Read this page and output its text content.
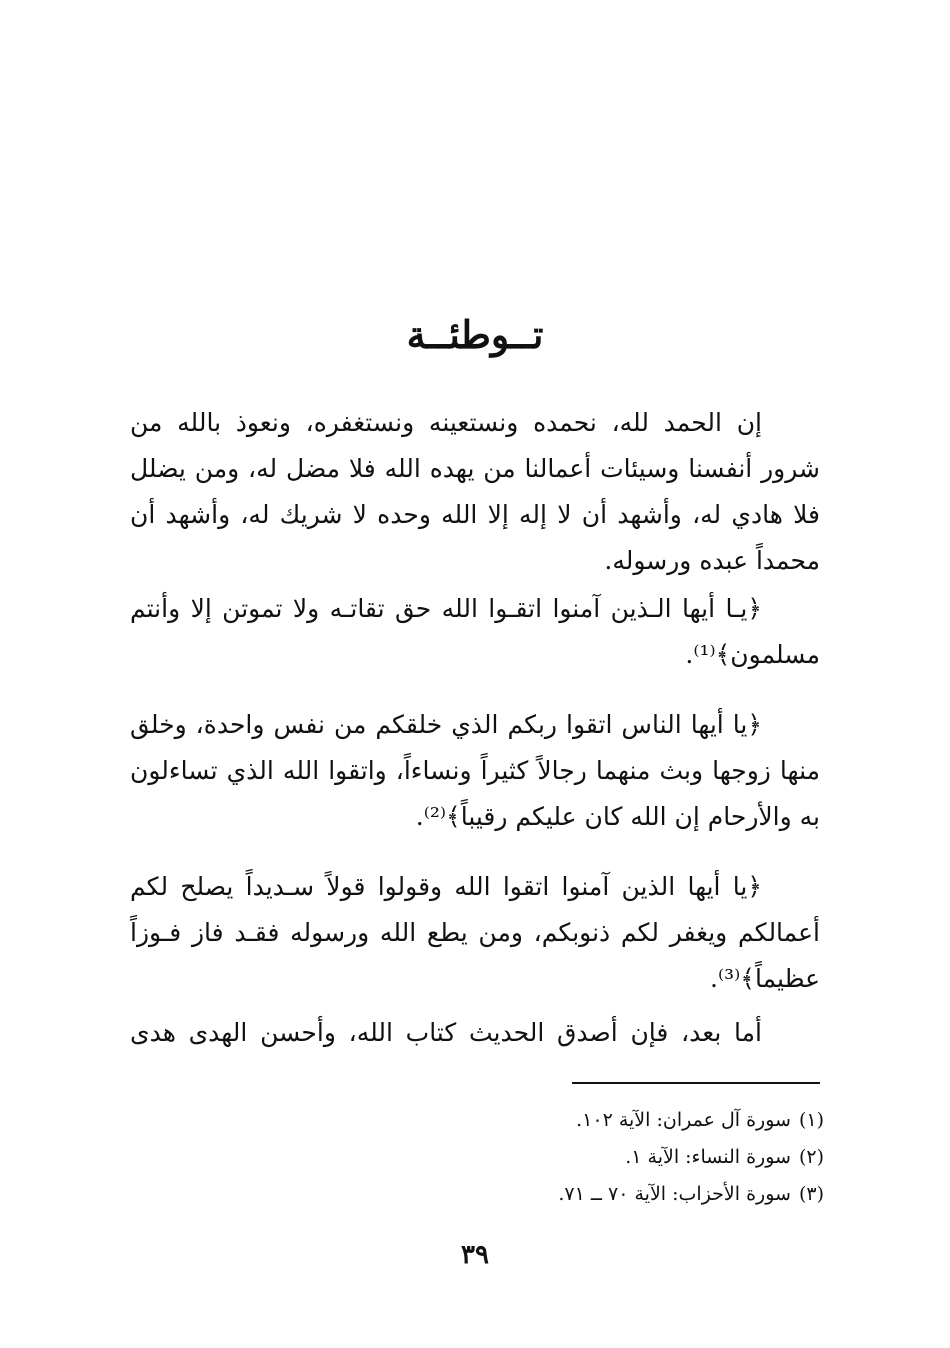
تــوطئــة

إن الحمد لله، نحمده ونستعينه ونستغفره، ونعوذ بالله من شرور أنفسنا وسيئات أعمالنا من يهده الله فلا مضل له، ومن يضلل فلا هادي له، وأشهد أن لا إله إلا الله وحده لا شريك له، وأشهد أن محمداً عبده ورسوله.

﴿يـا أيها الـذين آمنوا اتقـوا الله حق تقاتـه ولا تموتن إلا وأنتم مسلمون﴾⁽¹⁾.

﴿يا أيها الناس اتقوا ربكم الذي خلقكم من نفس واحدة، وخلق منها زوجها وبث منهما رجالاً كثيراً ونساءاً، واتقوا الله الذي تساءلون به والأرحام إن الله كان عليكم رقيباً﴾⁽²⁾.

﴿يا أيها الذين آمنوا اتقوا الله وقولوا قولاً سـديداً يصلح لكم أعمالكم ويغفر لكم ذنوبكم، ومن يطع الله ورسوله فقـد فاز فـوزاً عظيماً﴾⁽³⁾.

أما بعد، فإن أصدق الحديث كتاب الله، وأحسن الهدى هدى

(١)سورة آل عمران: الآية ١٠٢.
(٢)سورة النساء: الآية ١.
(٣)سورة الأحزاب: الآية ٧٠ ــ ٧١.
٣٩
